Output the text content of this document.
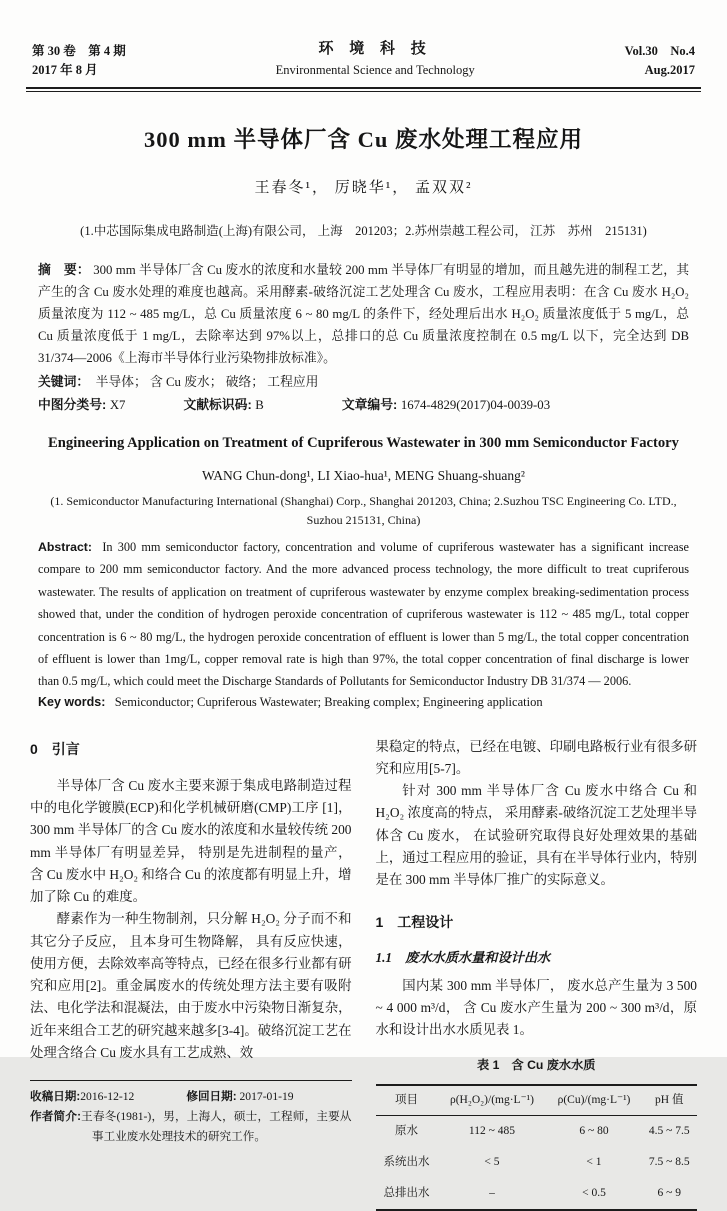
第 30 卷　第 4 期
2017 年 8 月
环 境 科 技
Environmental Science and Technology
Vol.30　No.4
Aug.2017
300 mm 半导体厂含 Cu 废水处理工程应用
王春冬¹， 厉晓华¹， 孟双双²
(1.中芯国际集成电路制造(上海)有限公司， 上海　201203；2.苏州崇越工程公司， 江苏　苏州　215131)

摘　要： 300 mm 半导体厂含 Cu 废水的浓度和水量较 200 mm 半导体厂有明显的增加，而且越先进的制程工艺，其产生的含 Cu 废水处理的难度也越高。采用酵素-破络沉淀工艺处理含 Cu 废水，工程应用表明：在含 Cu 废水 H₂O₂ 质量浓度为 112 ~ 485 mg/L，总 Cu 质量浓度 6 ~ 80 mg/L 的条件下，经处理后出水 H₂O₂ 质量浓度低于 5 mg/L，总 Cu 质量浓度低于 1 mg/L，去除率达到 97%以上，总排口的总 Cu 质量浓度控制在 0.5 mg/L 以下，完全达到 DB 31/374—2006《上海市半导体行业污染物排放标准》。

关键词：　 半导体； 含 Cu 废水； 破络； 工程应用

中图分类号: X7	文献标识码: B	文章编号: 1674-4829(2017)04-0039-03
Engineering Application on Treatment of Cupriferous Wastewater in 300 mm Semiconductor Factory
WANG Chun-dong¹, LI Xiao-hua¹, MENG Shuang-shuang²
(1. Semiconductor Manufacturing International (Shanghai) Corp., Shanghai 201203, China; 2.Suzhou TSC Engineering Co. LTD.,
Suzhou 215131, China)

Abstract: In 300 mm semiconductor factory, concentration and volume of cupriferous wastewater has a significant increase compare to 200 mm semiconductor factory. And the more advanced process technology, the more difficult to treat cupriferous wastewater. The results of application on treatment of cupriferous wastewater by enzyme complex breaking-sedimentation process showed that, under the condition of hydrogen peroxide concentration of cupriferous wastewater is 112 ~ 485 mg/L, total copper concentration is 6 ~ 80 mg/L, the hydrogen peroxide concentration of effluent is lower than 5 mg/L, the total copper concentration of effluent is lower than 1mg/L, copper removal rate is high than 97%, the total copper concentration of final discharge is lower than 0.5 mg/L, which could meet the Discharge Standards of Pollutants for Semiconductor Industry DB 31/374 — 2006.

Key words: Semiconductor; Cupriferous Wastewater; Breaking complex; Engineering application

0　引言

半导体厂含 Cu 废水主要来源于集成电路制造过程中的电化学镀膜(ECP)和化学机械研磨(CMP)工序 [1]，300 mm 半导体厂的含 Cu 废水的浓度和水量较传统 200 mm 半导体厂有明显差异， 特别是先进制程的量产， 含 Cu 废水中 H₂O₂ 和络合 Cu 的浓度都有明显上升，增加了除 Cu 的难度。

酵素作为一种生物制剂，只分解 H₂O₂ 分子而不和其它分子反应， 且本身可生物降解， 具有反应快速，使用方便，去除效率高等特点，已经在很多行业都有研究和应用[2]。重金属废水的传统处理方法主要有吸附法、电化学法和混凝法，由于废水中污染物日渐复杂，近年来组合工艺的研究越来越多[3-4]。破络沉淀工艺在处理含络合 Cu 废水具有工艺成熟、效

收稿日期:2016-12-12	修回日期: 2017-01-19
作者简介:王春冬(1981-)，男，上海人，硕士，工程师，主要从事工业废水处理技术的研究工作。

果稳定的特点，已经在电镀、印刷电路板行业有很多研究和应用[5-7]。

针对 300 mm 半导体厂含 Cu 废水中络合 Cu 和 H₂O₂ 浓度高的特点， 采用酵素-破络沉淀工艺处理半导体含 Cu 废水， 在试验研究取得良好处理效果的基础上，通过工程应用的验证，具有在半导体行业内，特别是在 300 mm 半导体厂推广的实际意义。

1　工程设计
1.1　废水水质水量和设计出水

国内某 300 mm 半导体厂， 废水总产生量为 3 500 ~ 4 000 m³/d， 含 Cu 废水产生量为 200 ~ 300 m³/d，原水和设计出水水质见表 1。

表 1　含 Cu 废水水质
项目	ρ(H₂O₂)/(mg·L⁻¹)	ρ(Cu)/(mg·L⁻¹)	pH 值
原水	112 ~ 485	6 ~ 80	4.5 ~ 7.5
系统出水	< 5	< 1	7.5 ~ 8.5
总排出水	–	< 0.5	6 ~ 9
